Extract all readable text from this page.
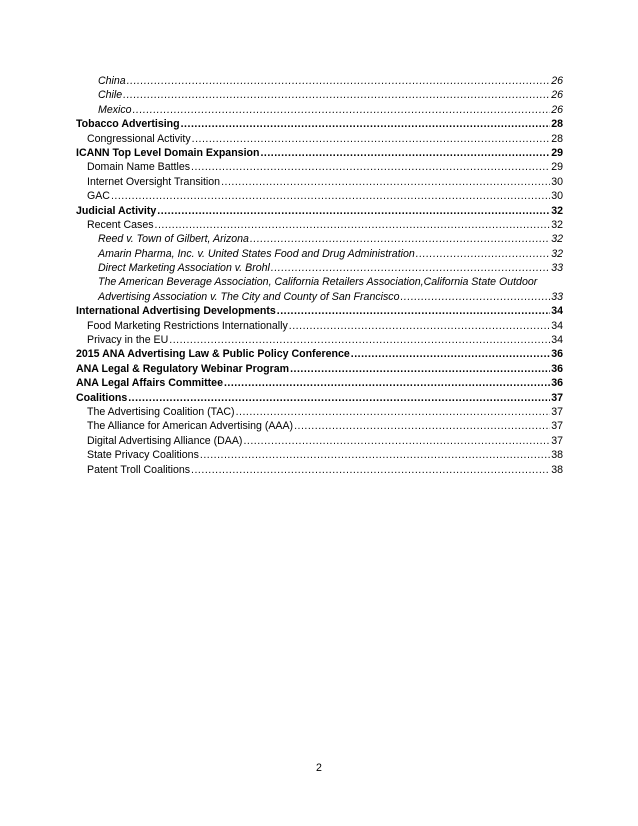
China .....	26
Chile .....	26
Mexico .....	26
Tobacco Advertising .....	28
Congressional Activity .....	28
ICANN Top Level Domain Expansion .....	29
Domain Name Battles .....	29
Internet Oversight Transition .....	30
GAC .....	30
Judicial Activity .....	32
Recent Cases .....	32
Reed v. Town of Gilbert, Arizona .....	32
Amarin Pharma, Inc. v. United States Food and Drug Administration .....	32
Direct Marketing Association v. Brohl .....	33
The American Beverage Association, California Retailers Association,California State Outdoor
Advertising Association v. The City and County of San Francisco .....	33
International Advertising Developments .....	34
Food Marketing Restrictions Internationally .....	34
Privacy in the EU .....	34
2015 ANA Advertising Law & Public Policy Conference .....	36
ANA Legal & Regulatory Webinar Program .....	36
ANA Legal Affairs Committee .....	36
Coalitions .....	37
The Advertising Coalition (TAC) .....	37
The Alliance for American Advertising (AAA) .....	37
Digital Advertising Alliance (DAA) .....	37
State Privacy Coalitions .....	38
Patent Troll Coalitions .....	38
2
